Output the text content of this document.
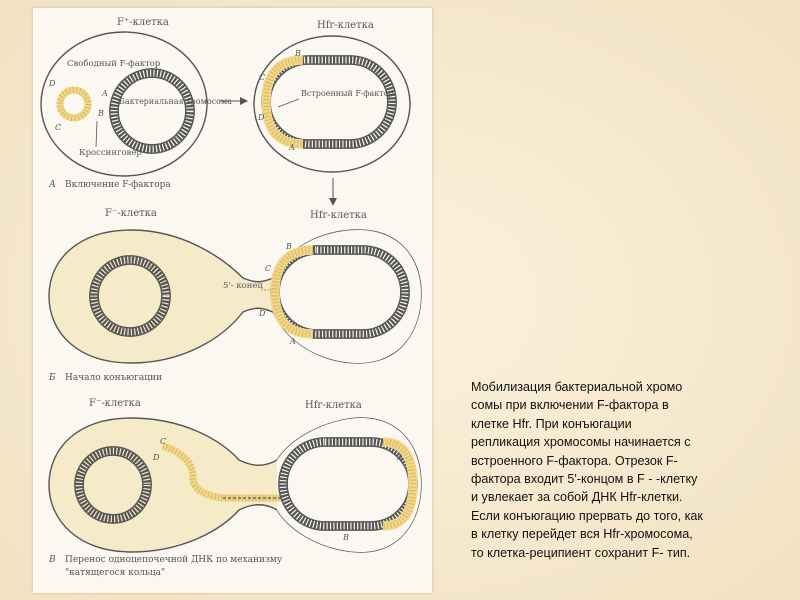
F⁺-клетка	Hfr-клетка
Свободный F-фактор
Бактериальная хромосома
Кроссинговер
A
B
C
D
Встроенный F-фактор
B
C
D
A
А Включение F-фактора
F⁻-клетка	Hfr-клетка
5'- конец
B
C
D
A
Б Начало конъюгации
F⁻-клетка	Hfr-клетка
C
D	A
B
В Перенос одноцепочечной ДНК по механизму
"катящегося кольца"
Мобилизация бактериальной хромо
сомы при включении F-фактора в
клетке Hfr. При конъюгации
репликация хромосомы начинается с
встроенного F-фактора. Отрезок F-
фактора входит 5'-концом в F - -клетку
и увлекает за собой ДНК Hfr-клетки.
Если конъюгацию прервать до того, как
в клетку перейдет вся Hfr-хромосома,
то клетка-реципиент сохранит F- тип.
